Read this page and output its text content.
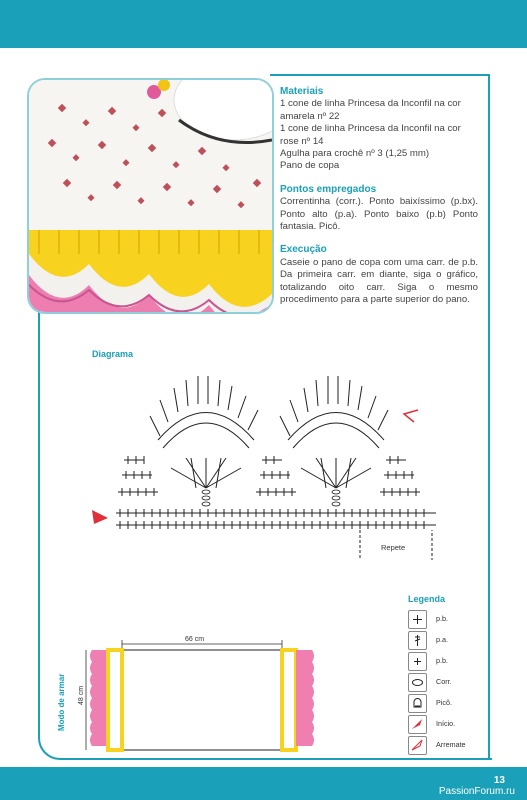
Materiais

1 cone de linha Princesa da Inconfil na cor amarela nº 22

1 cone de linha Princesa da Inconfil na cor rose nº 14

Agulha para crochê nº 3 (1,25 mm)

Pano de copa

Pontos empregados

Correntinha (corr.). Ponto baixíssimo (p.bx). Ponto alto (p.a). Ponto baixo (p.b) Ponto fantasia. Picô.

Execução

Caseie o pano de copa com uma carr. de p.b. Da primeira carr. em diante, siga o gráfico, totalizando oito carr. Siga o mesmo procedimento para a parte superior do pano.

Diagrama
Repete
Legenda
p.b.
p.a.
p.b.
Corr.
Picô.
Início.
Arremate
Modo de armar 48 cm
66 cm
13
PassionForum.ru
